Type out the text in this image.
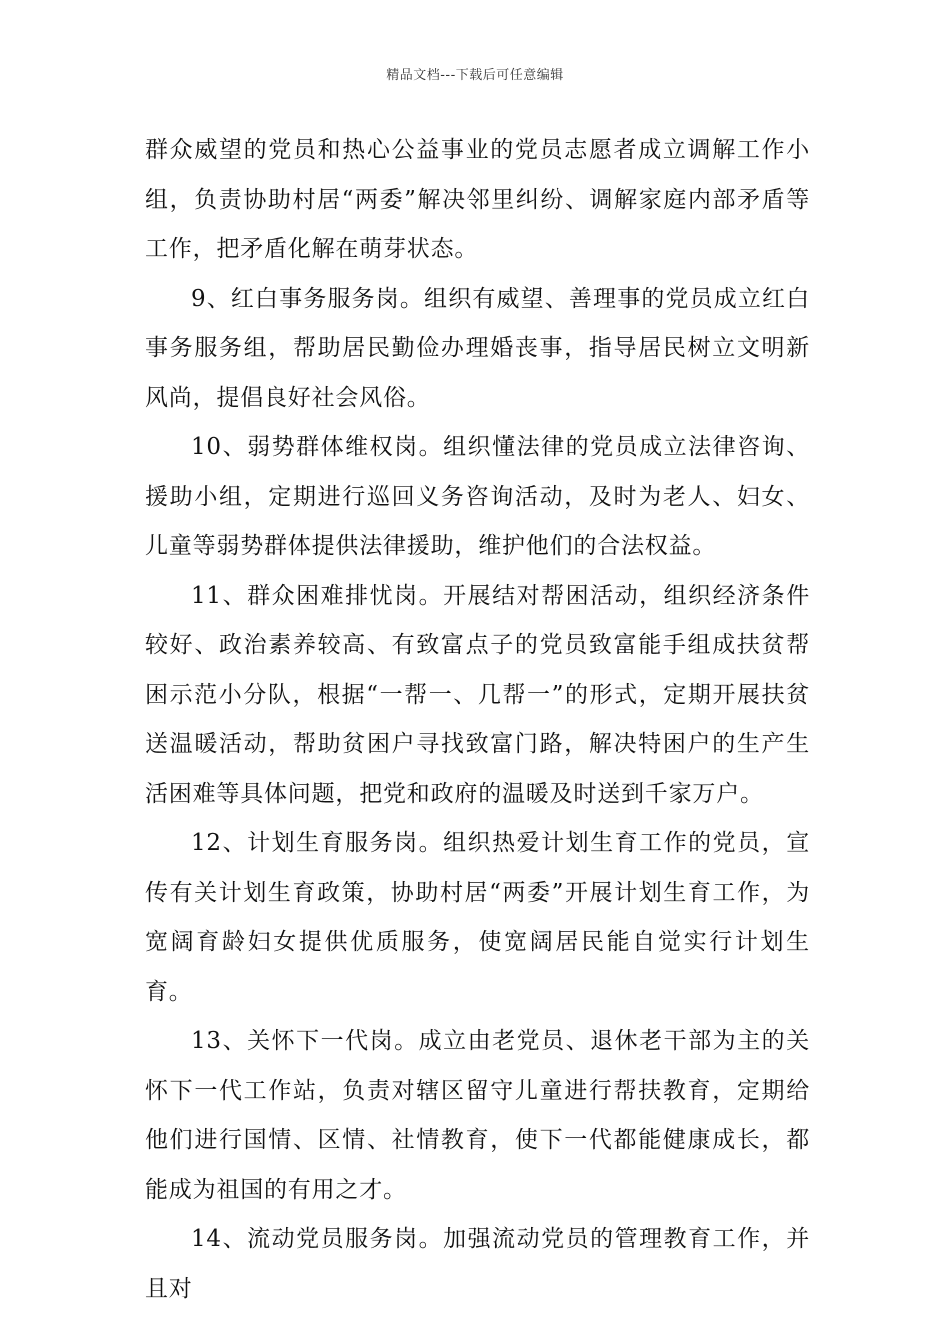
精品文档---下载后可任意编辑

群众威望的党员和热心公益事业的党员志愿者成立调解工作小组，负责协助村居“两委”解决邻里纠纷、调解家庭内部矛盾等工作，把矛盾化解在萌芽状态。

9、红白事务服务岗。组织有威望、善理事的党员成立红白事务服务组，帮助居民勤俭办理婚丧事，指导居民树立文明新风尚，提倡良好社会风俗。

10、弱势群体维权岗。组织懂法律的党员成立法律咨询、援助小组，定期进行巡回义务咨询活动，及时为老人、妇女、儿童等弱势群体提供法律援助，维护他们的合法权益。

11、群众困难排忧岗。开展结对帮困活动，组织经济条件较好、政治素养较高、有致富点子的党员致富能手组成扶贫帮困示范小分队，根据“一帮一、几帮一”的形式，定期开展扶贫送温暖活动，帮助贫困户寻找致富门路，解决特困户的生产生活困难等具体问题，把党和政府的温暖及时送到千家万户。

12、计划生育服务岗。组织热爱计划生育工作的党员，宣传有关计划生育政策，协助村居“两委”开展计划生育工作，为宽阔育龄妇女提供优质服务，使宽阔居民能自觉实行计划生育。

13、关怀下一代岗。成立由老党员、退休老干部为主的关怀下一代工作站，负责对辖区留守儿童进行帮扶教育，定期给他们进行国情、区情、社情教育，使下一代都能健康成长，都能成为祖国的有用之才。

14、流动党员服务岗。加强流动党员的管理教育工作，并且对
